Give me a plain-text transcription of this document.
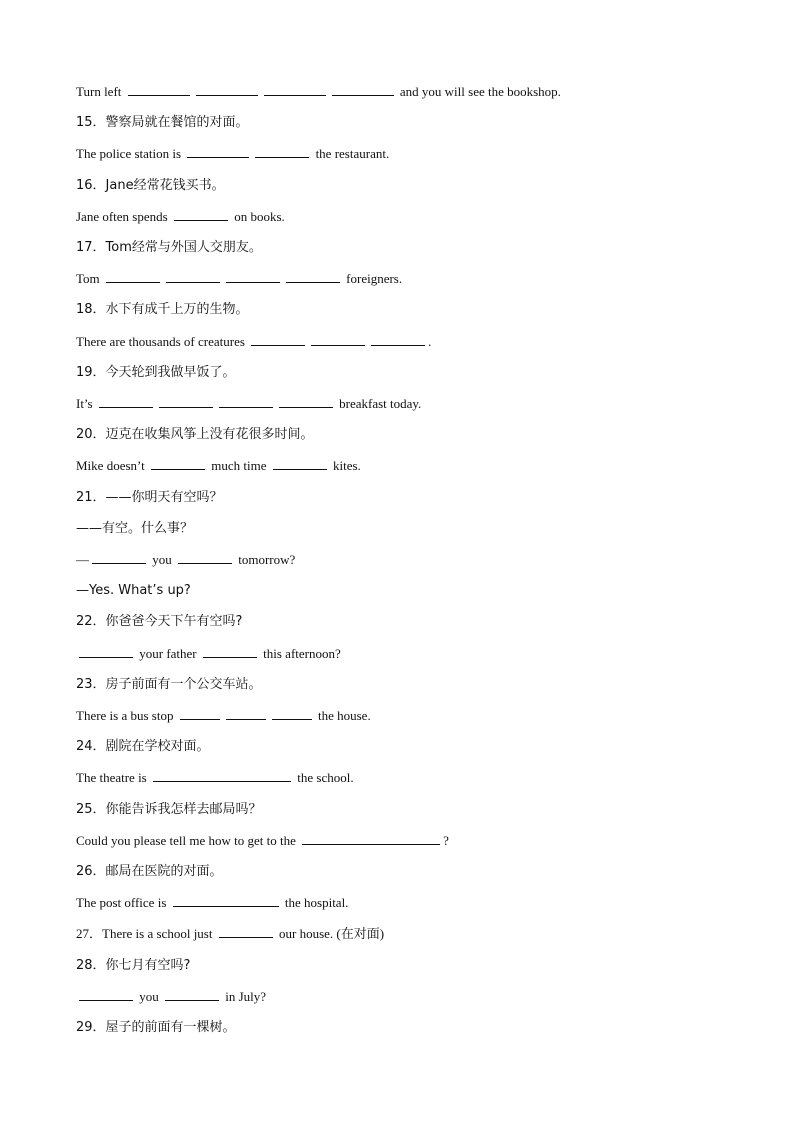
Turn left	and you will see the bookshop.
15．警察局就在餐馆的对面。
The police station is	the restaurant.
16．Jane经常花钱买书。
Jane often spends	on books.
17．Tom经常与外国人交朋友。
Tom	foreigners.
18．水下有成千上万的生物。
There are thousands of creatures	.
19．今天轮到我做早饭了。
It’s	breakfast today.
20．迈克在收集风筝上没有花很多时间。
Mike doesn’t	much time	kites.
21．——你明天有空吗？
——有空。什么事？
—	you	tomorrow?
—Yes. What’s up?
22．你爸爸今天下午有空吗?
your father	this afternoon?
23．房子前面有一个公交车站。
There is a bus stop	the house.
24．剧院在学校对面。
The theatre is	the school.
25．你能告诉我怎样去邮局吗？
Could you please tell me how to get to the	?
26．邮局在医院的对面。
The post office is	the hospital.
27．There is a school just	our house. (在对面)
28．你七月有空吗?
you	in July?
29．屋子的前面有一棵树。
